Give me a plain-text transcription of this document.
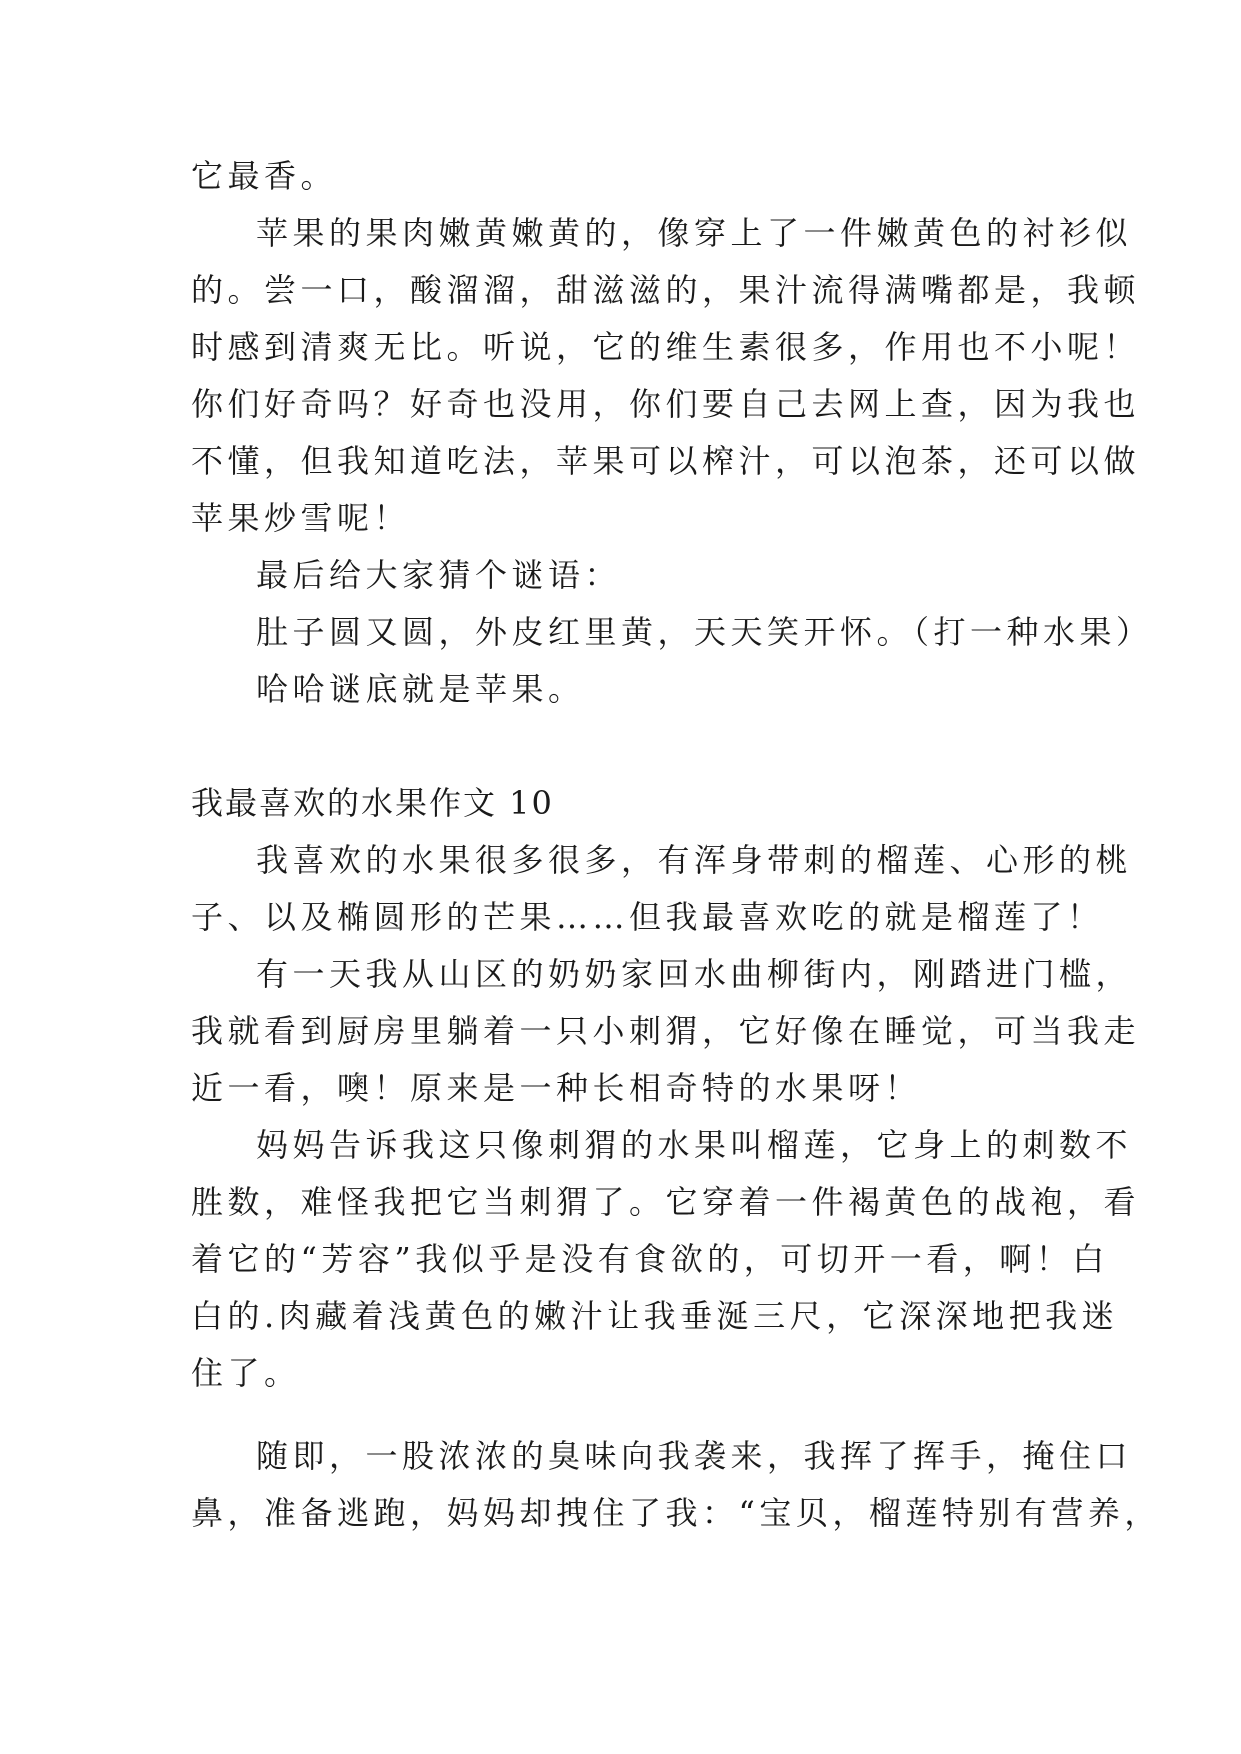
它最香。

苹果的果肉嫩黄嫩黄的，像穿上了一件嫩黄色的衬衫似

的。尝一口，酸溜溜，甜滋滋的，果汁流得满嘴都是，我顿

时感到清爽无比。听说，它的维生素很多，作用也不小呢！

你们好奇吗？好奇也没用，你们要自己去网上查，因为我也

不懂，但我知道吃法，苹果可以榨汁，可以泡茶，还可以做

苹果炒雪呢！

最后给大家猜个谜语：

肚子圆又圆，外皮红里黄，天天笑开怀。（打一种水果）

哈哈谜底就是苹果。

我最喜欢的水果作文 10

我喜欢的水果很多很多，有浑身带刺的榴莲、心形的桃

子、以及椭圆形的芒果……但我最喜欢吃的就是榴莲了！

有一天我从山区的奶奶家回水曲柳街内，刚踏进门槛，

我就看到厨房里躺着一只小刺猬，它好像在睡觉，可当我走

近一看，噢！原来是一种长相奇特的水果呀！

妈妈告诉我这只像刺猬的水果叫榴莲，它身上的刺数不

胜数，难怪我把它当刺猬了。它穿着一件褐黄色的战袍，看

着它的“芳容”我似乎是没有食欲的，可切开一看，啊！白

白的.肉藏着浅黄色的嫩汁让我垂涎三尺，它深深地把我迷

住了。

随即，一股浓浓的臭味向我袭来，我挥了挥手，掩住口

鼻，准备逃跑，妈妈却拽住了我：“宝贝，榴莲特别有营养，
